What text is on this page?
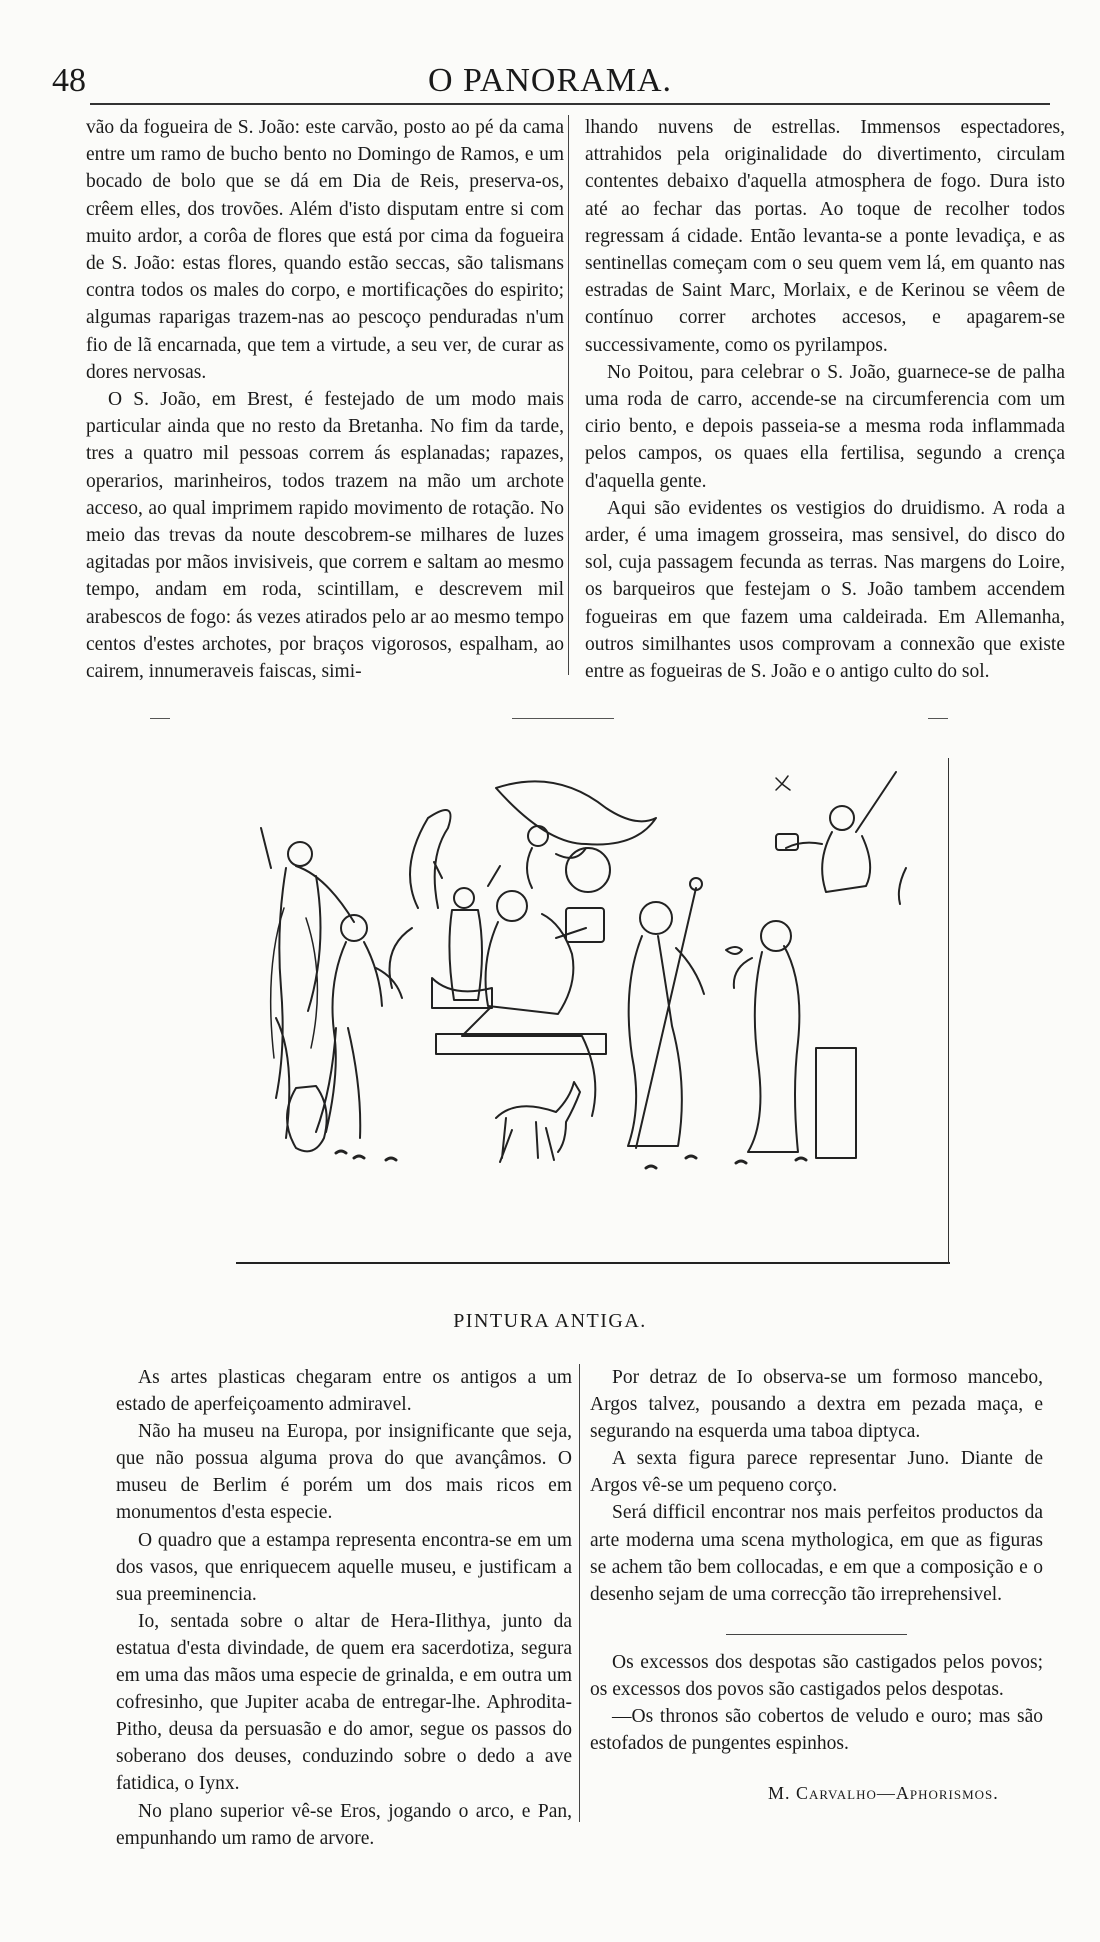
48	O PANORAMA.

vão da fogueira de S. João: este carvão, posto ao pé da cama entre um ramo de bucho bento no Domingo de Ramos, e um bocado de bolo que se dá em Dia de Reis, preserva-os, crêem elles, dos trovões. Além d'isto disputam entre si com muito ardor, a corôa de flores que está por cima da fogueira de S. João: estas flores, quando estão seccas, são talismans contra todos os males do corpo, e mortificações do espirito; algumas raparigas trazem-nas ao pescoço penduradas n'um fio de lã encarnada, que tem a virtude, a seu ver, de curar as dores nervosas.

O S. João, em Brest, é festejado de um modo mais particular ainda que no resto da Bretanha. No fim da tarde, tres a quatro mil pessoas correm ás esplanadas; rapazes, operarios, marinheiros, todos trazem na mão um archote acceso, ao qual imprimem rapido movimento de rotação. No meio das trevas da noute descobrem-se milhares de luzes agitadas por mãos invisiveis, que correm e saltam ao mesmo tempo, andam em roda, scintillam, e descrevem mil arabescos de fogo: ás vezes atirados pelo ar ao mesmo tempo centos d'estes archotes, por braços vigorosos, espalham, ao cairem, innumeraveis faiscas, simi-

lhando nuvens de estrellas. Immensos espectadores, attrahidos pela originalidade do divertimento, circulam contentes debaixo d'aquella atmosphera de fogo. Dura isto até ao fechar das portas. Ao toque de recolher todos regressam á cidade. Então levanta-se a ponte levadiça, e as sentinellas começam com o seu quem vem lá, em quanto nas estradas de Saint Marc, Morlaix, e de Kerinou se vêem de contínuo correr archotes accesos, e apagarem-se successivamente, como os pyrilampos.

No Poitou, para celebrar o S. João, guarnece-se de palha uma roda de carro, accende-se na circumferencia com um cirio bento, e depois passeia-se a mesma roda inflammada pelos campos, os quaes ella fertilisa, segundo a crença d'aquella gente.

Aqui são evidentes os vestigios do druidismo. A roda a arder, é uma imagem grosseira, mas sensivel, do disco do sol, cuja passagem fecunda as terras. Nas margens do Loire, os barqueiros que festejam o S. João tambem accendem fogueiras em que fazem uma caldeirada. Em Allemanha, outros similhantes usos comprovam a connexão que existe entre as fogueiras de S. João e o antigo culto do sol.

PINTURA ANTIGA.

As artes plasticas chegaram entre os antigos a um estado de aperfeiçoamento admiravel.

Não ha museu na Europa, por insignificante que seja, que não possua alguma prova do que avançâmos. O museu de Berlim é porém um dos mais ricos em monumentos d'esta especie.

O quadro que a estampa representa encontra-se em um dos vasos, que enriquecem aquelle museu, e justificam a sua preeminencia.

Io, sentada sobre o altar de Hera-Ilithya, junto da estatua d'esta divindade, de quem era sacerdotiza, segura em uma das mãos uma especie de grinalda, e em outra um cofresinho, que Jupiter acaba de entregar-lhe. Aphrodita-Pitho, deusa da persuasão e do amor, segue os passos do soberano dos deuses, conduzindo sobre o dedo a ave fatidica, o Iynx.

No plano superior vê-se Eros, jogando o arco, e Pan, empunhando um ramo de arvore.

Por detraz de Io observa-se um formoso mancebo, Argos talvez, pousando a dextra em pezada maça, e segurando na esquerda uma taboa diptyca.

A sexta figura parece representar Juno. Diante de Argos vê-se um pequeno corço.

Será difficil encontrar nos mais perfeitos productos da arte moderna uma scena mythologica, em que as figuras se achem tão bem collocadas, e em que a composição e o desenho sejam de uma correcção tão irreprehensivel.

Os excessos dos despotas são castigados pelos povos; os excessos dos povos são castigados pelos despotas.

—Os thronos são cobertos de veludo e ouro; mas são estofados de pungentes espinhos.

M. Carvalho—Aphorismos.
